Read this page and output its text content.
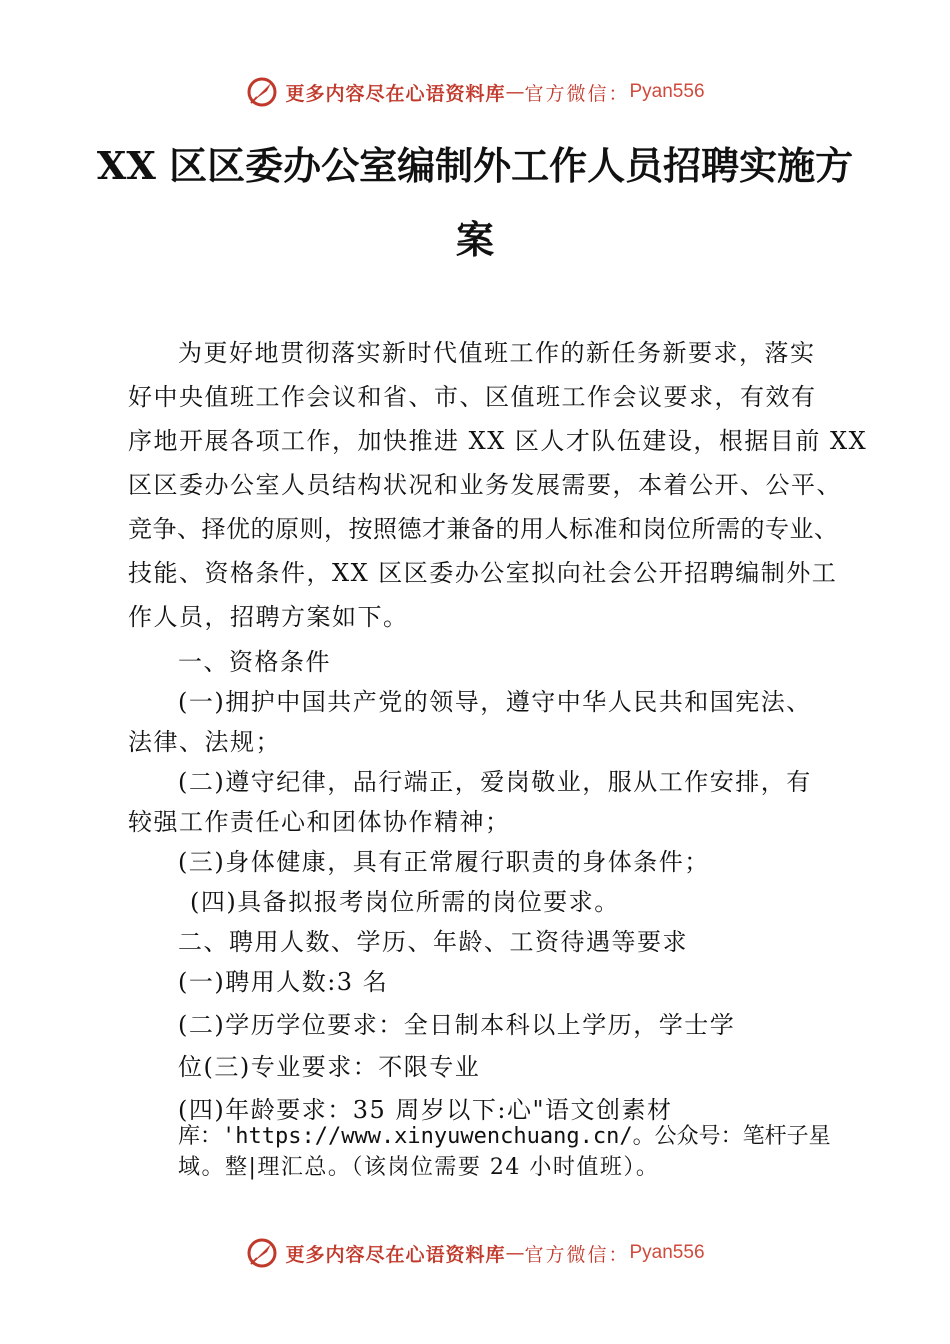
更多内容尽在心语资料库 — 官方微信： Pyan556
XX 区区委办公室编制外工作人员招聘实施方
案
为更好地贯彻落实新时代值班工作的新任务新要求，落实
好中央值班工作会议和省、市、区值班工作会议要求，有效有
序地开展各项工作，加快推进 XX 区人才队伍建设，根据目前 XX
区区委办公室人员结构状况和业务发展需要，本着公开、公平、
竞争、择优的原则，按照德才兼备的用人标准和岗位所需的专业、
技能、资格条件，XX 区区委办公室拟向社会公开招聘编制外工
作人员，招聘方案如下。
一、资格条件
(一)拥护中国共产党的领导，遵守中华人民共和国宪法、
法律、法规；
(二)遵守纪律，品行端正，爱岗敬业，服从工作安排，有
较强工作责任心和团体协作精神；
(三)身体健康，具有正常履行职责的身体条件；
(四)具备拟报考岗位所需的岗位要求。
二、聘用人数、学历、年龄、工资待遇等要求
(一)聘用人数:3 名
(二)学历学位要求：全日制本科以上学历，学士学
位(三)专业要求：不限专业
(四)年龄要求：35 周岁以下:心"语文创素材
库：'https://www.xinyuwenchuang.cn/。公众号：笔杆子星
域。整|理汇总。（该岗位需要 24 小时值班）。
更多内容尽在心语资料库 — 官方微信： Pyan556
